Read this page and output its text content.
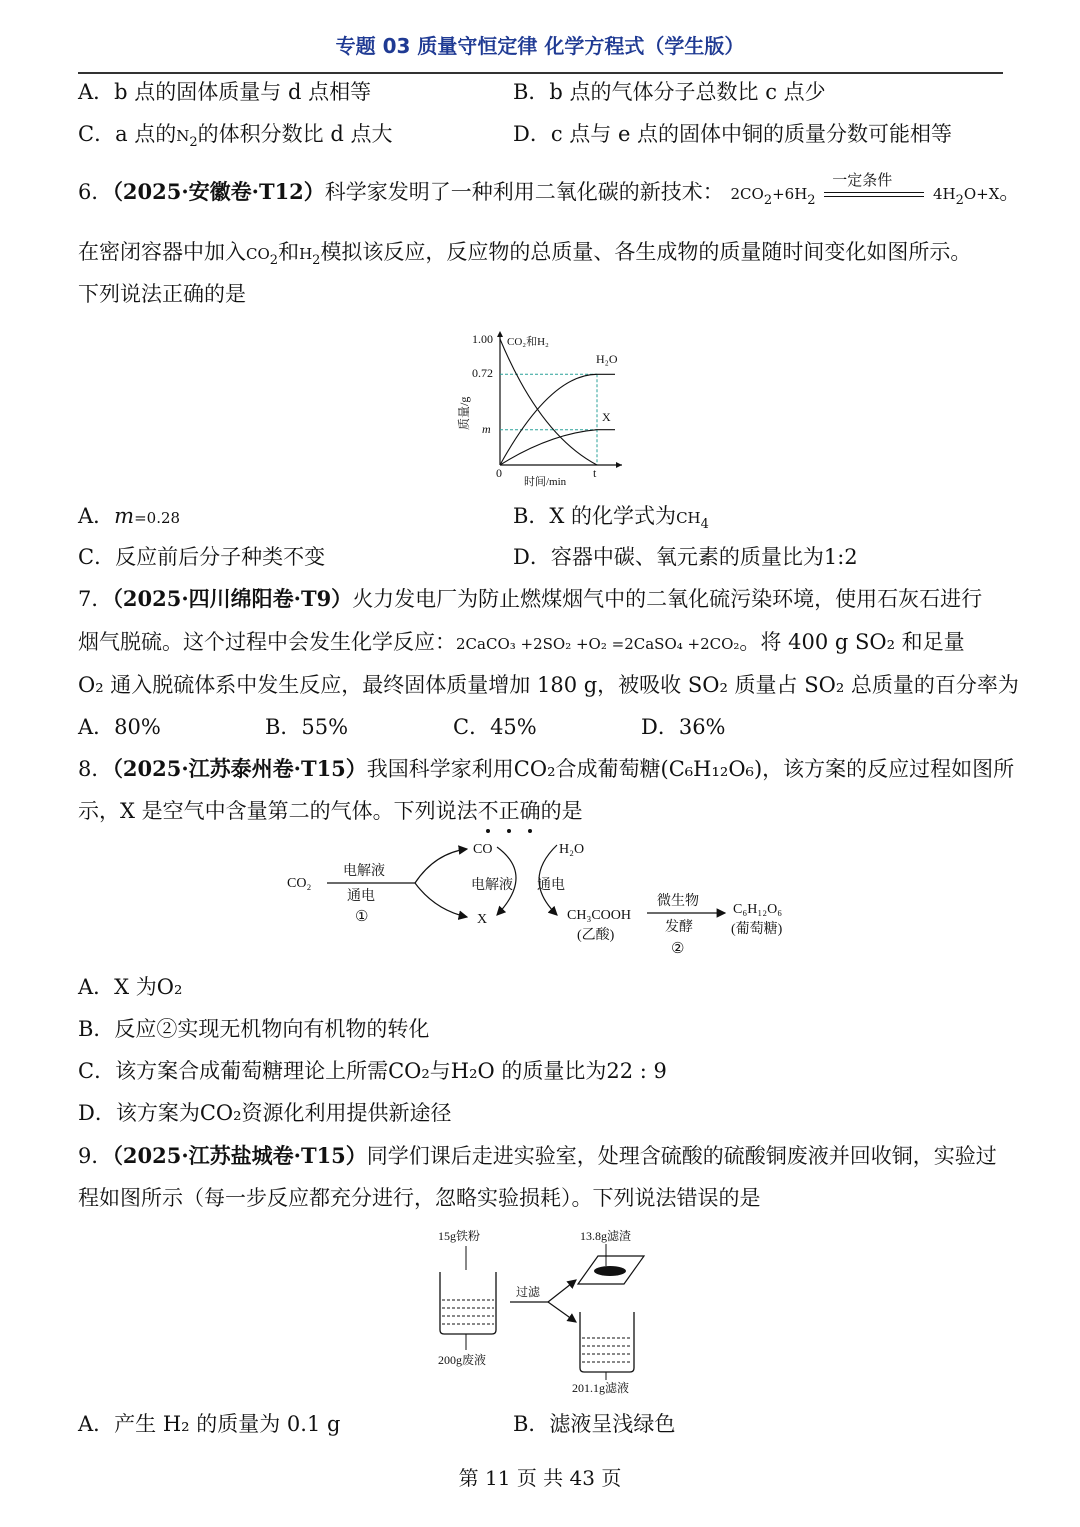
专题 03 质量守恒定律 化学方程式（学生版）
A．b 点的固体质量与 d 点相等	B．b 点的气体分子总数比 c 点少
C．a 点的$N_2$的体积分数比 d 点大	D．c 点与 e 点的固体中铜的质量分数可能相等
6．（2025·安徽卷·T12）科学家发明了一种利用二氧化碳的新技术： $2CO_2+6H_2$
一定条件
$4H_2O+X$。
在密闭容器中加入$CO_2$和$H_2$模拟该反应，反应物的总质量、各生成物的质量随时间变化如图所示。
下列说法正确的是
1.00
0.72
m
质量/g
0	t
时间/min
CO₂和H₂
H₂O
X
A．m=0.28	B．X 的化学式为$CH_4$
C．反应前后分子种类不变	D．容器中碳、氧元素的质量比为1:2
7．（2025·四川绵阳卷·T9）火力发电厂为防止燃煤烟气中的二氧化硫污染环境，使用石灰石进行
烟气脱硫。这个过程中会发生化学反应：2CaCO₃ +2SO₂ +O₂ =2CaSO₄ +2CO₂。将 400 g SO₂ 和足量
O₂ 通入脱硫体系中发生反应，最终固体质量增加 180 g，被吸收 SO₂ 质量占 SO₂ 总质量的百分率为
A．80%	B．55%	C．45%	D．36%
8．（2025·江苏泰州卷·T15）我国科学家利用CO₂合成葡萄糖(C₆H₁₂O₆)，该方案的反应过程如图所
示，X 是空气中含量第二的气体。下列说法不正确
的是
CO₂
电解液
通电
①
CO
X
电解液 通电
H₂O
CH₃COOH
(乙酸)
微生物
发酵
②
C₆H₁₂O₆
(葡萄糖)
A．X 为O₂
B．反应②实现无机物向有机物的转化
C．该方案合成葡萄糖理论上所需CO₂与H₂O 的质量比为22 : 9
D．该方案为CO₂资源化利用提供新途径
9．（2025·江苏盐城卷·T15）同学们课后走进实验室，处理含硫酸的硫酸铜废液并回收铜，实验过
程如图所示（每一步反应都充分进行，忽略实验损耗）。下列说法错误的是
15g铁粉
200g废液
过滤
13.8g滤渣
201.1g滤液
A．产生 H₂ 的质量为 0.1 g	B．滤液呈浅绿色
第 11 页 共 43 页
